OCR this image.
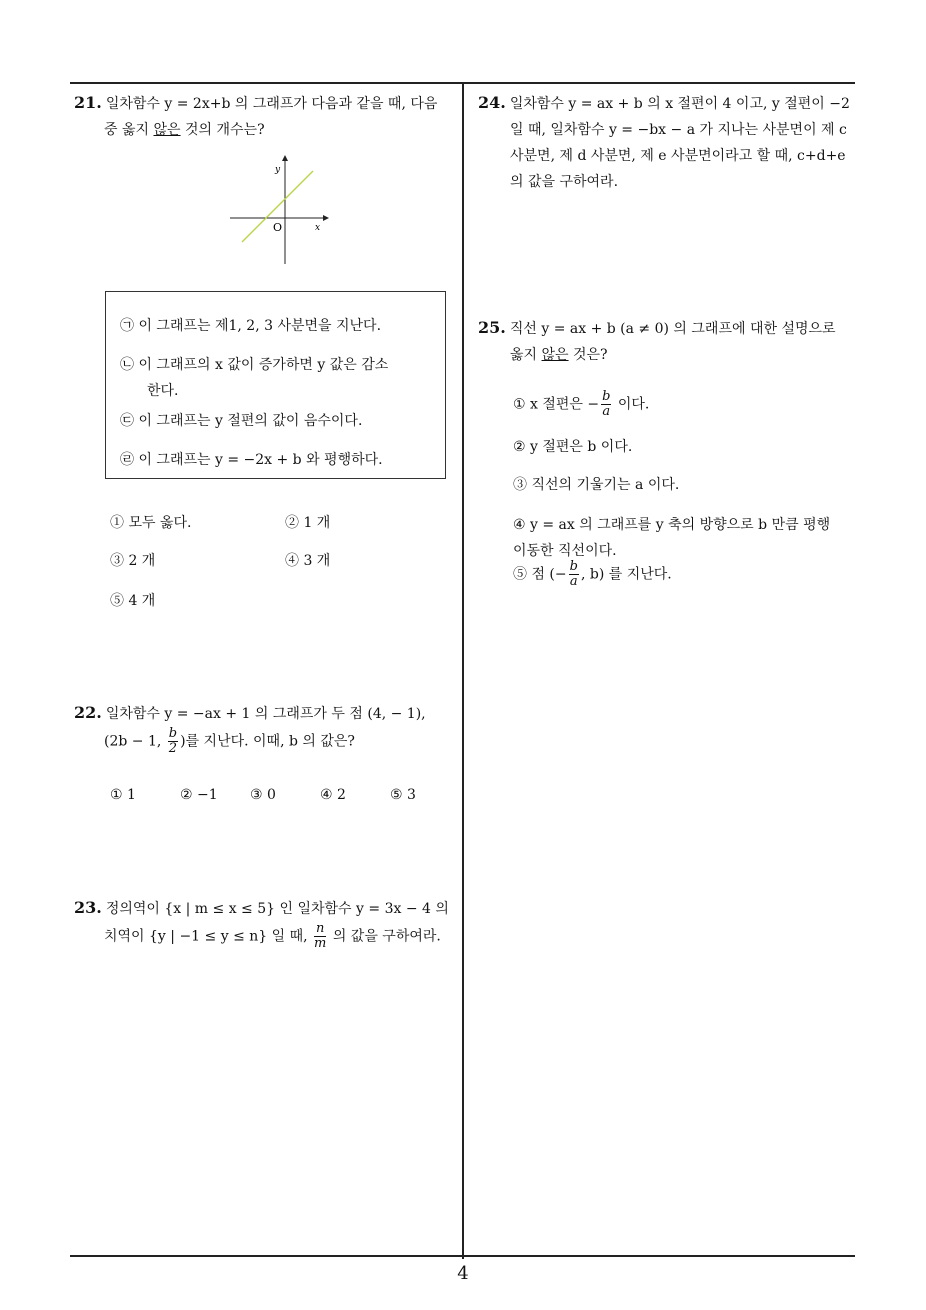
21. 일차함수 y = 2x+b 의 그래프가 다음과 같을 때, 다음
중 옳지 않은 것의 개수는?
y
x
O
㉠ 이 그래프는 제1, 2, 3 사분면을 지난다.
㉡ 이 그래프의 x 값이 증가하면 y 값은 감소
한다.
㉢ 이 그래프는 y 절편의 값이 음수이다.
㉣ 이 그래프는 y = −2x + b 와 평행하다.
① 모두 옳다.	② 1 개
③ 2 개	④ 3 개
⑤ 4 개
22. 일차함수 y = −ax + 1 의 그래프가 두 점 (4, − 1),
(2b − 1, $\frac{b}{2}$ )를 지난다. 이때, b 의 값은?
① 1	② −1 ③ 0	④ 2	⑤ 3
23. 정의역이 {x | m ≤ x ≤ 5} 인 일차함수 y = 3x − 4 의
치역이 {y | −1 ≤ y ≤ n} 일 때, $\frac{n}{m}$ 의 값을 구하여라.
24. 일차함수 y = ax + b 의 x 절편이 4 이고, y 절편이 −2
일 때, 일차함수 y = −bx − a 가 지나는 사분면이 제 c
사분면, 제 d 사분면, 제 e 사분면이라고 할 때, c+d+e
의 값을 구하여라.
25. 직선 y = ax + b (a ≠ 0) 의 그래프에 대한 설명으로
옳지 않은 것은?
① x 절편은 − $\frac{b}{a}$ 이다.
② y 절편은 b 이다.
③ 직선의 기울기는 a 이다.
④ y = ax 의 그래프를 y 축의 방향으로 b 만큼 평행
이동한 직선이다.
⑤ 점 (− $\frac{b}{a}$ , b) 를 지난다.
4
